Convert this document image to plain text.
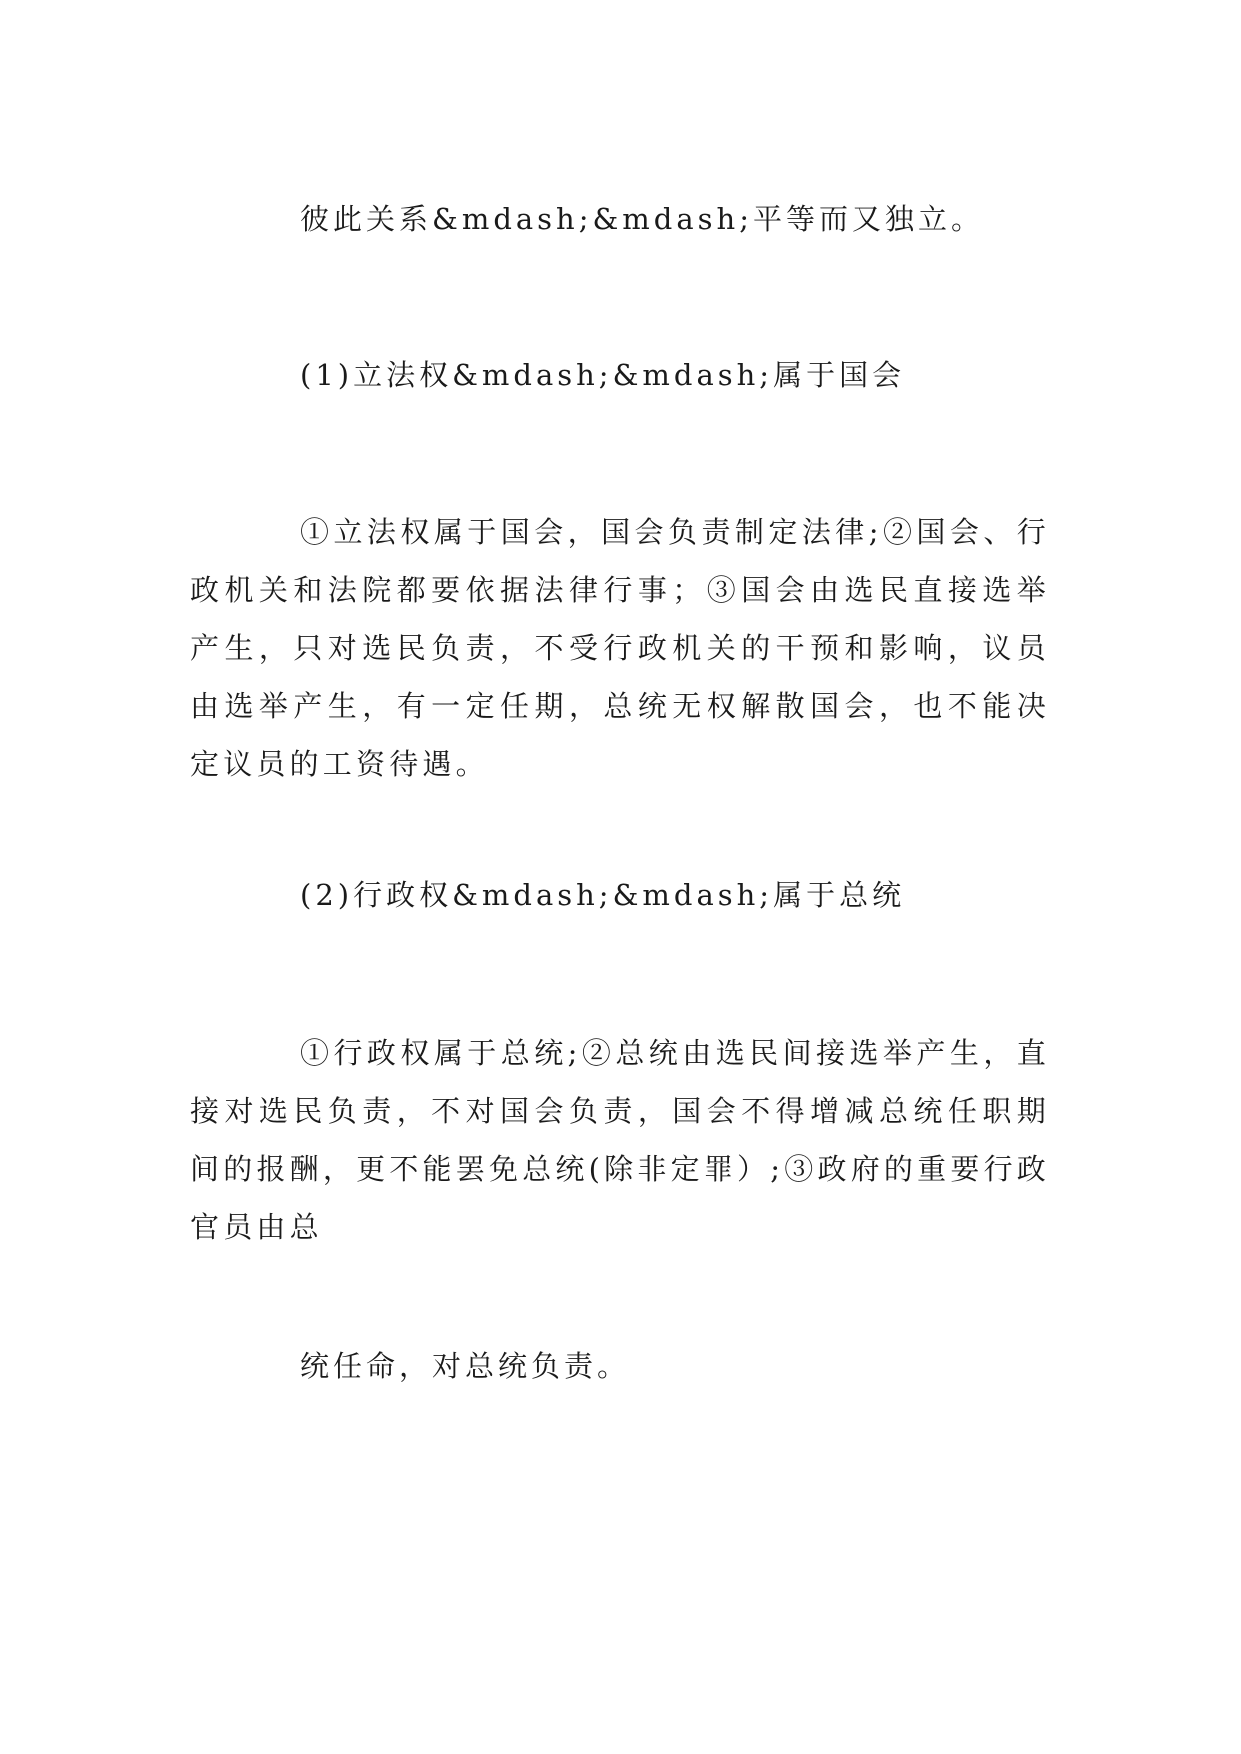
彼此关系&mdash;&mdash;平等而又独立。
(1)立法权&mdash;&mdash;属于国会

①立法权属于国会，国会负责制定法律;②国会、行政机关和法院都要依据法律行事；③国会由选民直接选举产生，只对选民负责，不受行政机关的干预和影响，议员由选举产生，有一定任期，总统无权解散国会，也不能决定议员的工资待遇。

(2)行政权&mdash;&mdash;属于总统

①行政权属于总统;②总统由选民间接选举产生，直接对选民负责，不对国会负责，国会不得增减总统任职期间的报酬，更不能罢免总统(除非定罪）;③政府的重要行政官员由总

统任命，对总统负责。
